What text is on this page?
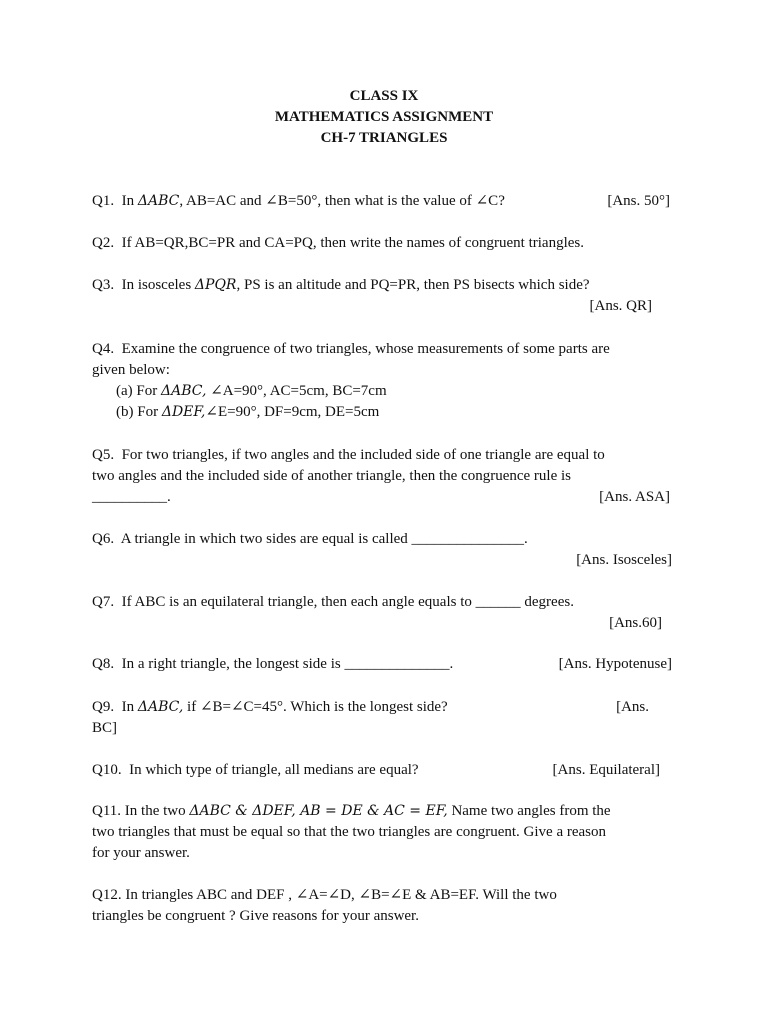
CLASS IX
MATHEMATICS ASSIGNMENT
CH-7 TRIANGLES
Q1. In ΔABC, AB=AC and ∠B=50°, then what is the value of ∠C?	[Ans. 50°]
Q2. If AB=QR,BC=PR and CA=PQ, then write the names of congruent triangles.
Q3. In isosceles ΔPQR, PS is an altitude and PQ=PR, then PS bisects which side?
[Ans. QR]
Q4. Examine the congruence of two triangles, whose measurements of some parts are
given below:
(a) For ΔABC, ∠A=90°, AC=5cm, BC=7cm
(b) For ΔDEF,∠E=90°, DF=9cm, DE=5cm
Q5. For two triangles, if two angles and the included side of one triangle are equal to
two angles and the included side of another triangle, then the congruence rule is
__________.	[Ans. ASA]
Q6. A triangle in which two sides are equal is called _______________.
[Ans. Isosceles]
Q7. If ABC is an equilateral triangle, then each angle equals to ______ degrees.
[Ans.60]
Q8. In a right triangle, the longest side is ______________.	[Ans. Hypotenuse]
Q9. In ΔABC, if ∠B=∠C=45°. Which is the longest side?	[Ans.
BC]
Q10. In which type of triangle, all medians are equal?	[Ans. Equilateral]
Q11. In the two ΔABC & ΔDEF, AB = DE & AC = EF, Name two angles from the
two triangles that must be equal so that the two triangles are congruent. Give a reason
for your answer.
Q12. In triangles ABC and DEF , ∠A=∠D, ∠B=∠E & AB=EF. Will the two
triangles be congruent ? Give reasons for your answer.
